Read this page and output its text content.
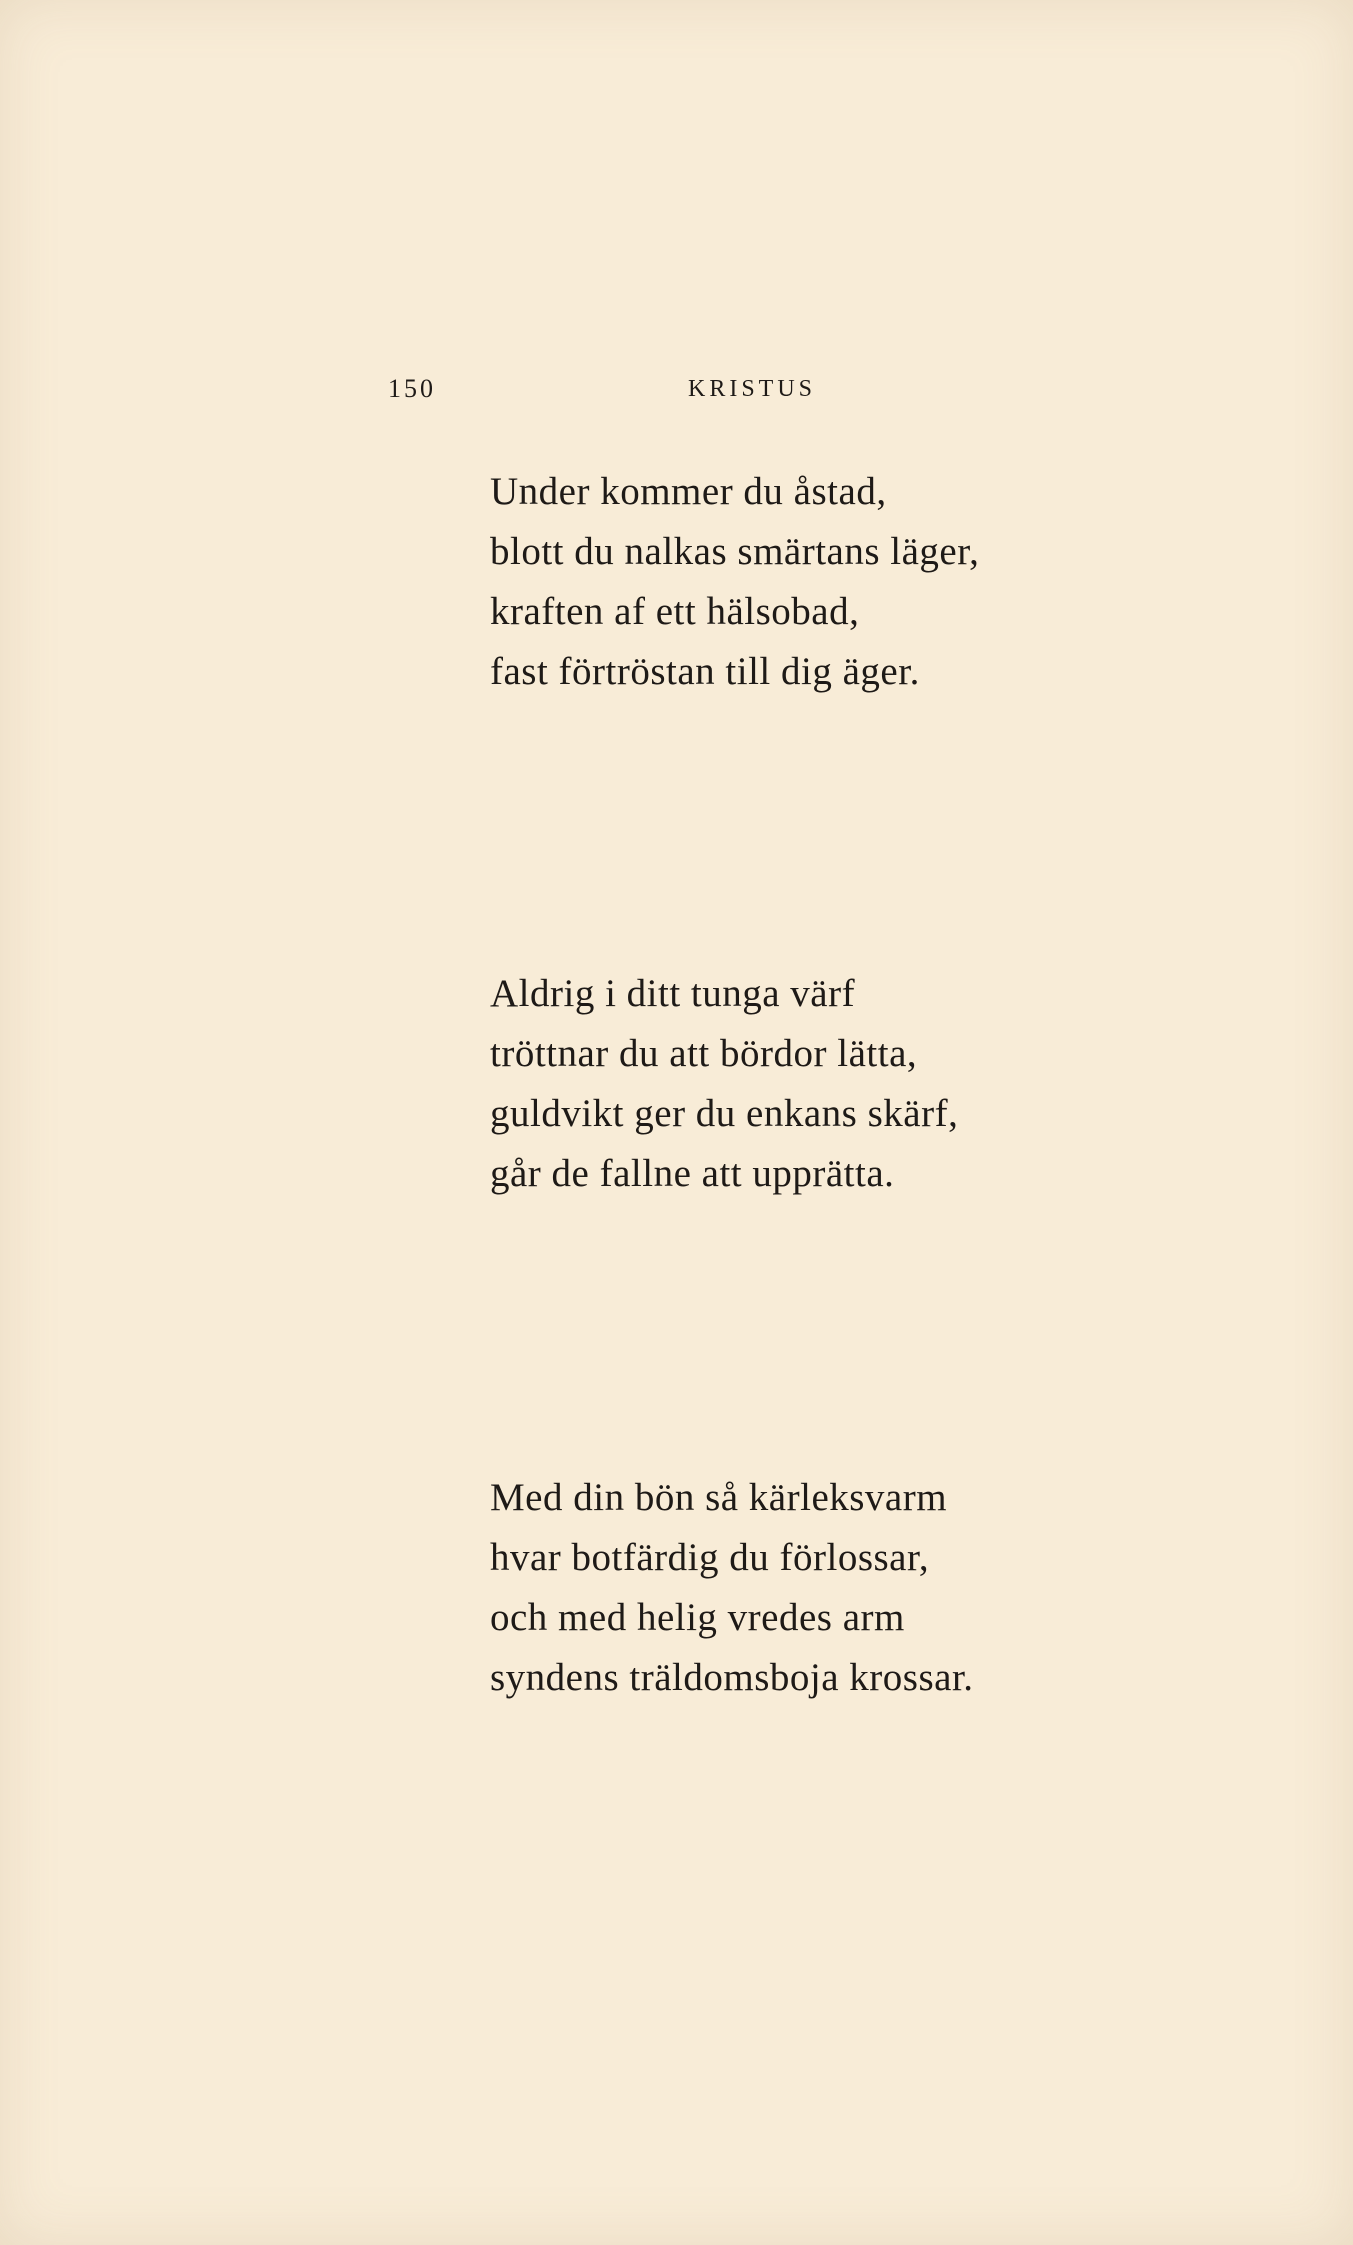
150	KRISTUS
Under kommer du åstad,
blott du nalkas smärtans läger,
kraften af ett hälsobad,
fast förtröstan till dig äger.
Aldrig i ditt tunga värf
tröttnar du att bördor lätta,
guldvikt ger du enkans skärf,
går de fallne att upprätta.
Med din bön så kärleksvarm
hvar botfärdig du förlossar,
och med helig vredes arm
syndens träldomsboja krossar.
